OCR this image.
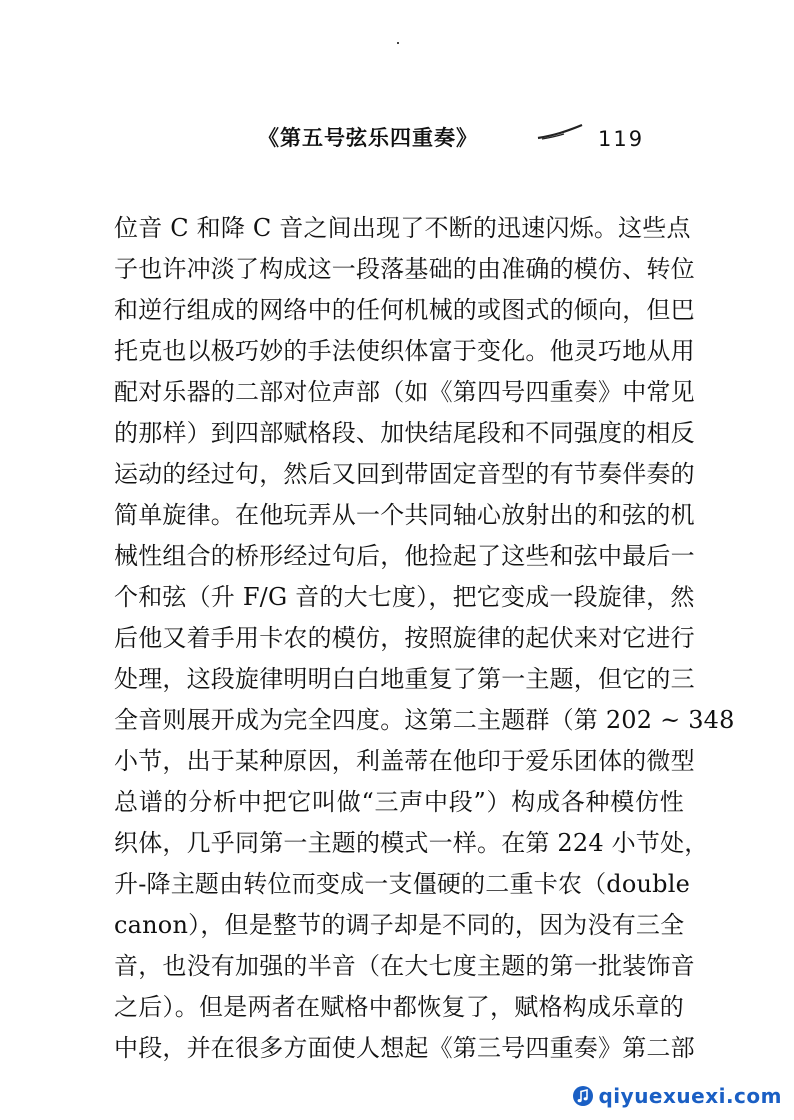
《第五号弦乐四重奏》	119
位音 C 和降 C 音之间出现了不断的迅速闪烁。这些点
子也许冲淡了构成这一段落基础的由准确的模仿、转位
和逆行组成的网络中的任何机械的或图式的倾向，但巴
托克也以极巧妙的手法使织体富于变化。他灵巧地从用
配对乐器的二部对位声部（如《第四号四重奏》中常见
的那样）到四部赋格段、加快结尾段和不同强度的相反
运动的经过句，然后又回到带固定音型的有节奏伴奏的
简单旋律。在他玩弄从一个共同轴心放射出的和弦的机
械性组合的桥形经过句后，他捡起了这些和弦中最后一
个和弦（升 F/G 音的大七度），把它变成一段旋律，然
后他又着手用卡农的模仿，按照旋律的起伏来对它进行
处理，这段旋律明明白白地重复了第一主题，但它的三
全音则展开成为完全四度。这第二主题群（第 202 ~ 348
小节，出于某种原因，利盖蒂在他印于爱乐团体的微型
总谱的分析中把它叫做“三声中段”）构成各种模仿性
织体，几乎同第一主题的模式一样。在第 224 小节处，
升-降主题由转位而变成一支僵硬的二重卡农（double
canon），但是整节的调子却是不同的，因为没有三全
音，也没有加强的半音（在大七度主题的第一批装饰音
之后）。但是两者在赋格中都恢复了，赋格构成乐章的
中段，并在很多方面使人想起《第三号四重奏》第二部
qiyuexuexi.com
